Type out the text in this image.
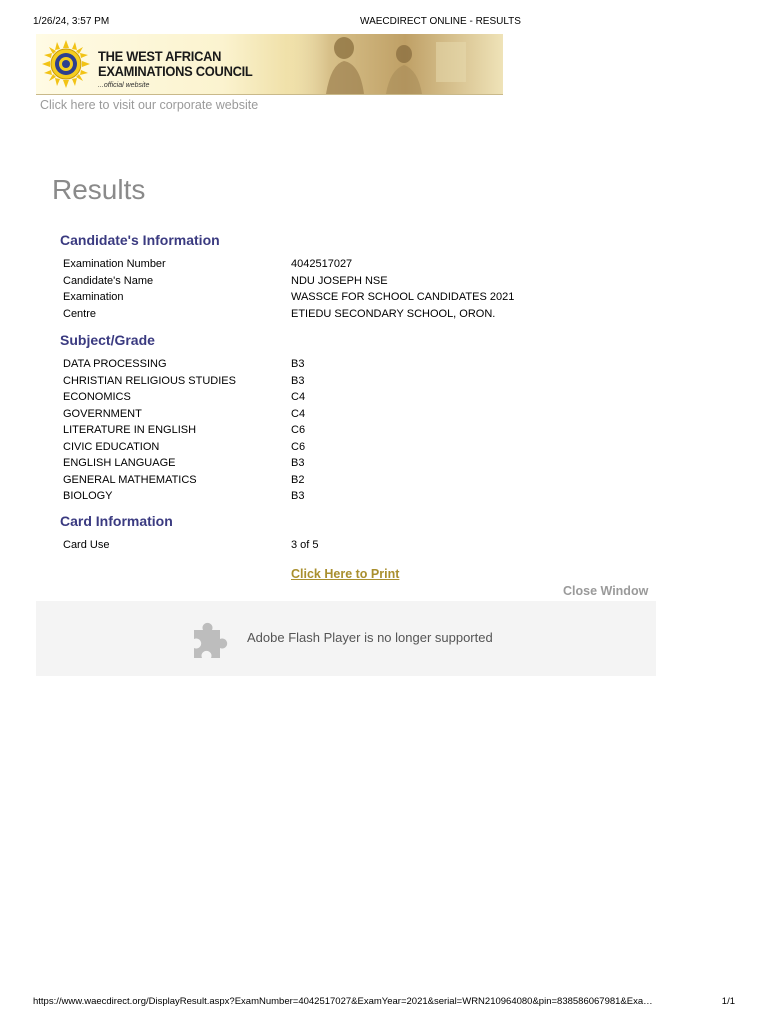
1/26/24, 3:57 PM	WAECDIRECT ONLINE - RESULTS
THE WEST AFRICAN
EXAMINATIONS COUNCIL
...official website
Click here to visit our corporate website
Results
Candidate's Information
Examination Number	4042517027
Candidate's Name	NDU JOSEPH NSE
Examination	WASSCE FOR SCHOOL CANDIDATES 2021
Centre	ETIEDU SECONDARY SCHOOL, ORON.
Subject/Grade
DATA PROCESSING	B3
CHRISTIAN RELIGIOUS STUDIES	B3
ECONOMICS	C4
GOVERNMENT	C4
LITERATURE IN ENGLISH	C6
CIVIC EDUCATION	C6
ENGLISH LANGUAGE	B3
GENERAL MATHEMATICS	B2
BIOLOGY	B3
Card Information
Card Use	3 of 5
Click Here to Print
Close Window
Adobe Flash Player is no longer supported
https://www.waecdirect.org/DisplayResult.aspx?ExamNumber=4042517027&ExamYear=2021&serial=WRN210964080&pin=838586067981&Exa…	1/1
